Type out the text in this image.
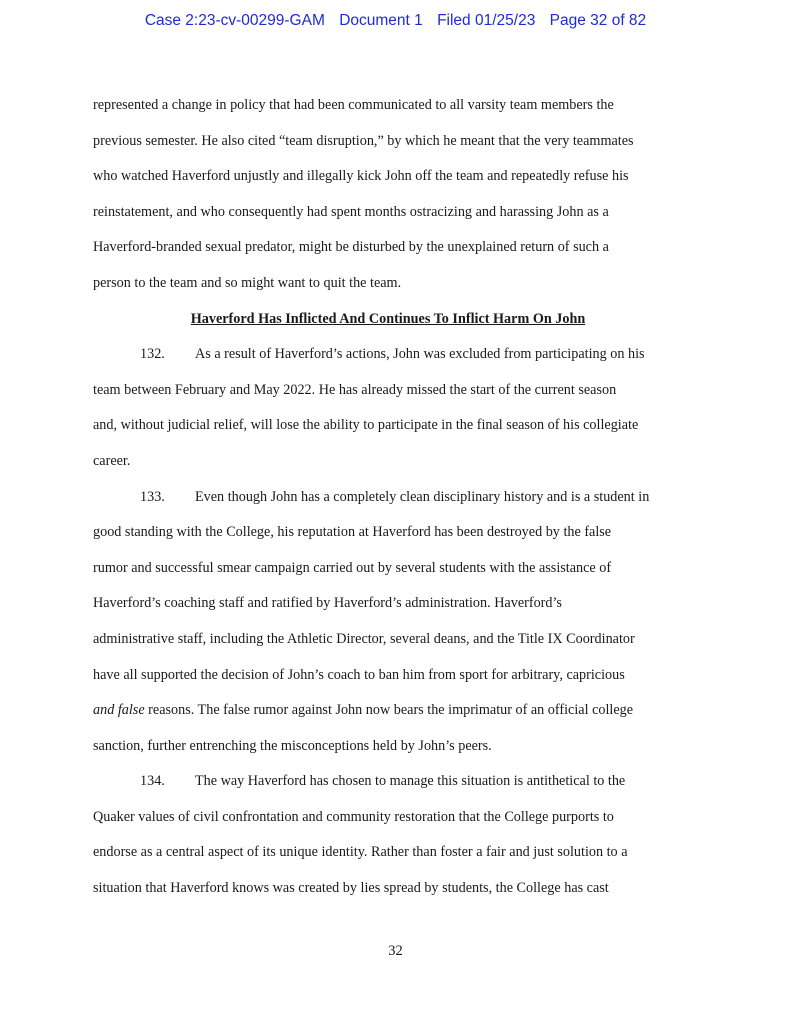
Case 2:23-cv-00299-GAM Document 1 Filed 01/25/23 Page 32 of 82
represented a change in policy that had been communicated to all varsity team members the
previous semester. He also cited “team disruption,” by which he meant that the very teammates
who watched Haverford unjustly and illegally kick John off the team and repeatedly refuse his
reinstatement, and who consequently had spent months ostracizing and harassing John as a
Haverford-branded sexual predator, might be disturbed by the unexplained return of such a
person to the team and so might want to quit the team.
Haverford Has Inflicted And Continues To Inflict Harm On John
132. As a result of Haverford’s actions, John was excluded from participating on his
team between February and May 2022. He has already missed the start of the current season
and, without judicial relief, will lose the ability to participate in the final season of his collegiate
career.
133. Even though John has a completely clean disciplinary history and is a student in
good standing with the College, his reputation at Haverford has been destroyed by the false
rumor and successful smear campaign carried out by several students with the assistance of
Haverford’s coaching staff and ratified by Haverford’s administration. Haverford’s
administrative staff, including the Athletic Director, several deans, and the Title IX Coordinator
have all supported the decision of John’s coach to ban him from sport for arbitrary, capricious
and false reasons. The false rumor against John now bears the imprimatur of an official college
sanction, further entrenching the misconceptions held by John’s peers.
134. The way Haverford has chosen to manage this situation is antithetical to the
Quaker values of civil confrontation and community restoration that the College purports to
endorse as a central aspect of its unique identity. Rather than foster a fair and just solution to a
situation that Haverford knows was created by lies spread by students, the College has cast
32
